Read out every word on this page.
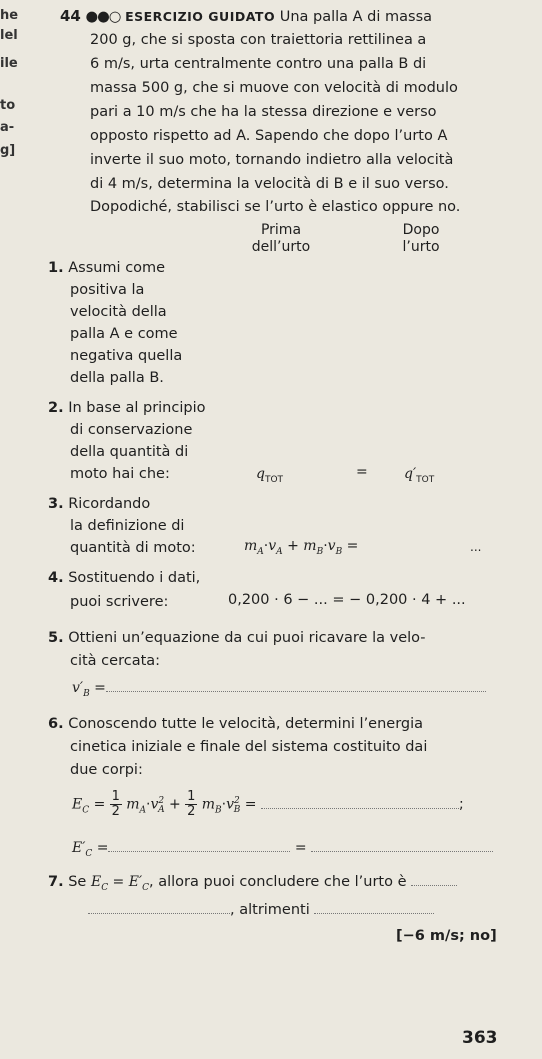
he
lel
ile
to
a-
g]
44 ●●○ ESERCIZIO GUIDATO Una palla A di massa
200 g, che si sposta con traiettoria rettilinea a
6 m/s, urta centralmente contro una palla B di
massa 500 g, che si muove con velocità di modulo
pari a 10 m/s che ha la stessa direzione e verso
opposto rispetto ad A. Sapendo che dopo l’urto A
inverte il suo moto, tornando indietro alla velocità
di 4 m/s, determina la velocità di B e il suo verso.
Dopodiché, stabilisci se l’urto è elastico oppure no.
Prima
dell’urto
Dopo
l’urto
1. Assumi come
positiva la
velocità della
palla A e come
negativa quella
della palla B.
2. In base al principio
di conservazione
della quantità di
moto hai che:	$q_{TOT}$	=	$q'_{TOT}$
3. Ricordando
la definizione di
quantità di moto:	$m_A\cdot v_A + m_B\cdot v_B$ =	...
4. Sostituendo i dati,
puoi scrivere:	0,200 · 6 − ... = − 0,200 · 4 + ...
5. Ottieni un’equazione da cui puoi ricavare la velo-
cità cercata:
$v'_B$ =
6. Conoscendo tutte le velocità, determini l’energia
cinetica iniziale e finale del sistema costituito dai
due corpi:
$E_C = \frac{1}{2} m_A\cdot v^2_A + \frac{1}{2} m_B\cdot v^2_B$ =	;
$E'_C$ =	=
7. Se $E_C = E'_C$, allora puoi concludere che l’urto è
, altrimenti
[−6 m/s; no]
363
